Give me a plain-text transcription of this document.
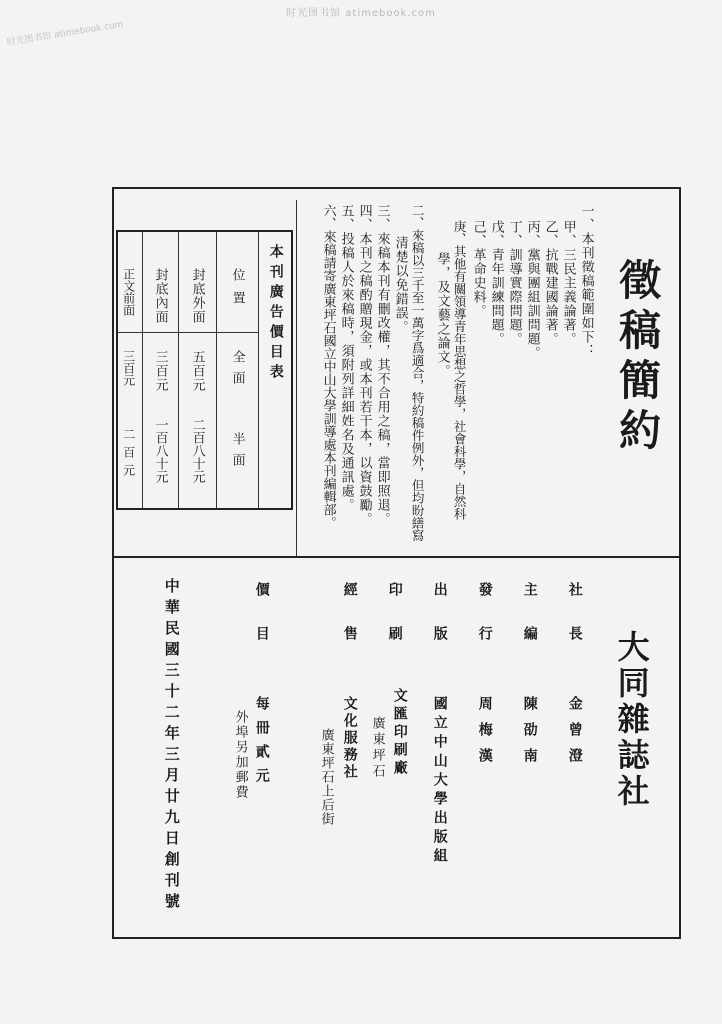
时光图书馆 atimebook.com
时光图书馆 atimebook.com
徵稿簡約
一、本刊徵稿範圍如下：
甲、三民主義論著。
乙、抗戰建國論著。
丙、黨與團組訓問題。
丁、訓導實際問題。
戊、青年訓練問題。
己、革命史料。
庚、其他有關領導青年思想之哲學，社會科學，自然科
學，及文藝之論文。
二、來稿以三千至一萬字爲適合，特約稿件例外，但均盼繕寫
清楚以免錯誤。
三、來稿本刊有刪改權，其不合用之稿，當即照退。
四、本刊之稿酌贈現金，或本刊若干本，以資鼓勵。
五、投稿人於來稿時，須附列詳細姓名及通訊處。
六、來稿請寄廣東坪石國立中山大學訓導處本刊編輯部。
本刊廣告價目表
位置
全面
半面
封底外面
五百元
二百八十元
封底內面
三百元
一百八十元
正文前面
三百元
二百元
大同雜誌社
社長
金曾澄
主編
陳劭南
發行
周梅漢
出版
國立中山大學出版組
印刷
文匯印刷廠
廣東坪石
經售
文化服務社
廣東坪石上后街
價目
每冊貳元
外埠另加郵費
中華民國三十二年三月廿九日創刊號
